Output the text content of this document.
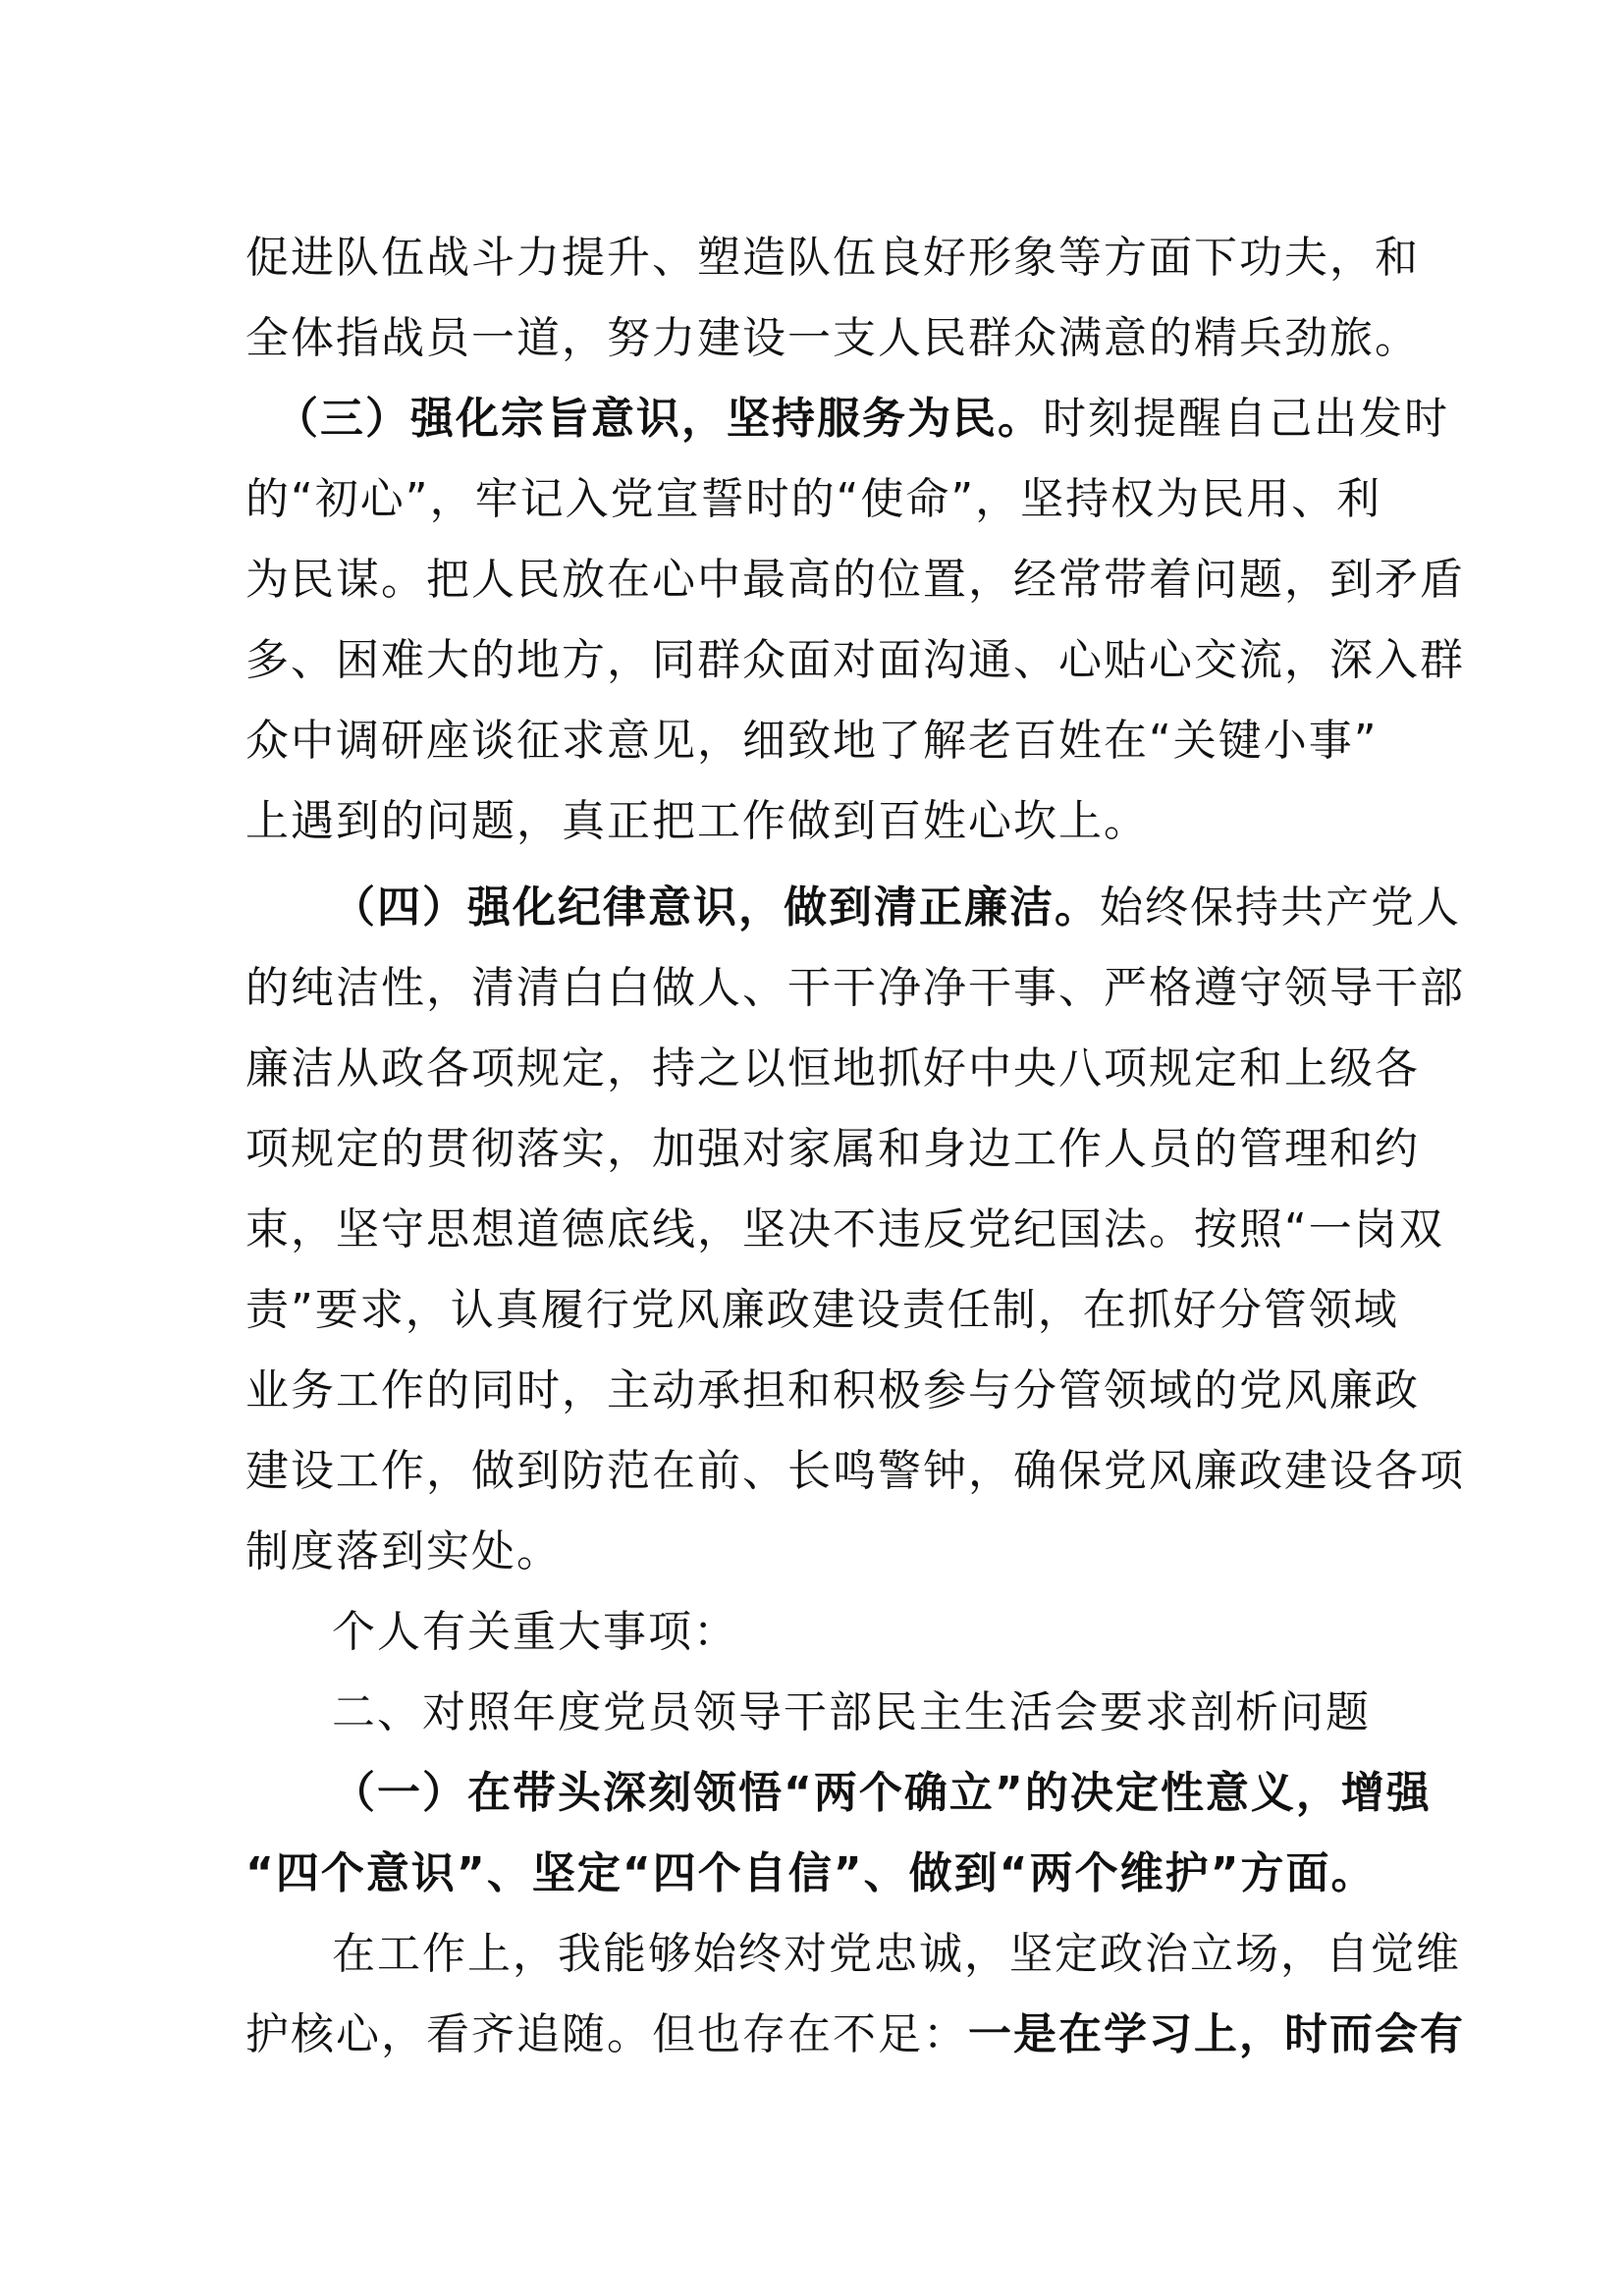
促进队伍战斗力提升、塑造队伍良好形象等方面下功夫，和
全体指战员一道，努力建设一支人民群众满意的精兵劲旅。
（三）强化宗旨意识，坚持服务为民。时刻提醒自己出发时
的“初心”，牢记入党宣誓时的“使命”，坚持权为民用、利
为民谋。把人民放在心中最高的位置，经常带着问题，到矛盾
多、困难大的地方，同群众面对面沟通、心贴心交流，深入群
众中调研座谈征求意见，细致地了解老百姓在“关键小事”
上遇到的问题，真正把工作做到百姓心坎上。
（四）强化纪律意识，做到清正廉洁。始终保持共产党人
的纯洁性，清清白白做人、干干净净干事、严格遵守领导干部
廉洁从政各项规定，持之以恒地抓好中央八项规定和上级各
项规定的贯彻落实，加强对家属和身边工作人员的管理和约
束，坚守思想道德底线，坚决不违反党纪国法。按照“一岗双
责”要求，认真履行党风廉政建设责任制，在抓好分管领域
业务工作的同时，主动承担和积极参与分管领域的党风廉政
建设工作，做到防范在前、长鸣警钟，确保党风廉政建设各项
制度落到实处。
个人有关重大事项：
二、对照年度党员领导干部民主生活会要求剖析问题
（一）在带头深刻领悟“两个确立”的决定性意义，增强
“四个意识”、坚定“四个自信”、做到“两个维护”方面。
在工作上，我能够始终对党忠诚，坚定政治立场，自觉维
护核心，看齐追随。但也存在不足：一是在学习上，时而会有
